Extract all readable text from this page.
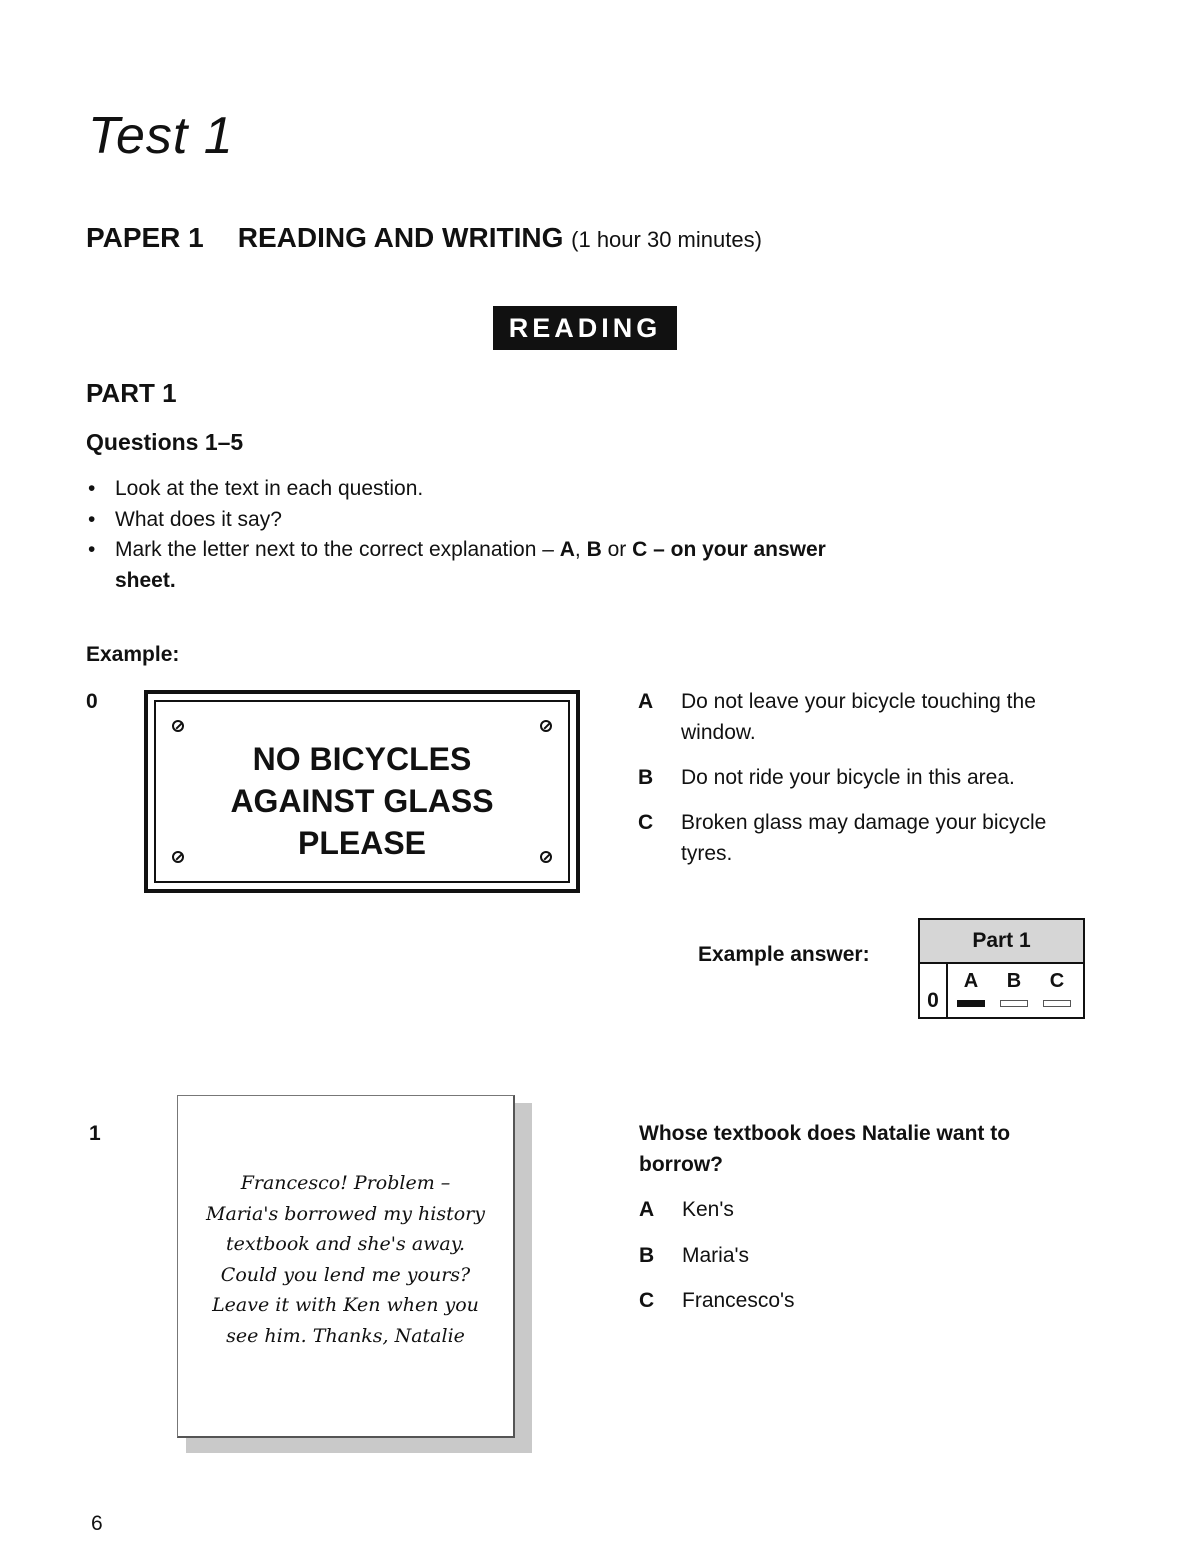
Test 1
PAPER 1 READING AND WRITING (1 hour 30 minutes)
READING
PART 1
Questions 1–5
• Look at the text in each question.
• What does it say?
• Mark the letter next to the correct explanation – A, B or C – on your answer sheet.
Example:
0
NO BICYCLES
AGAINST GLASS
PLEASE
A Do not leave your bicycle touching the window.
B Do not ride your bicycle in this area.
C Broken glass may damage your bicycle tyres.
Example answer:
Part 1
0
A	B	C
1
Francesco! Problem –
Maria's borrowed my history
textbook and she's away.
Could you lend me yours?
Leave it with Ken when you
see him. Thanks, Natalie
Whose textbook does Natalie want to borrow?
A Ken's
B Maria's
C Francesco's
6
